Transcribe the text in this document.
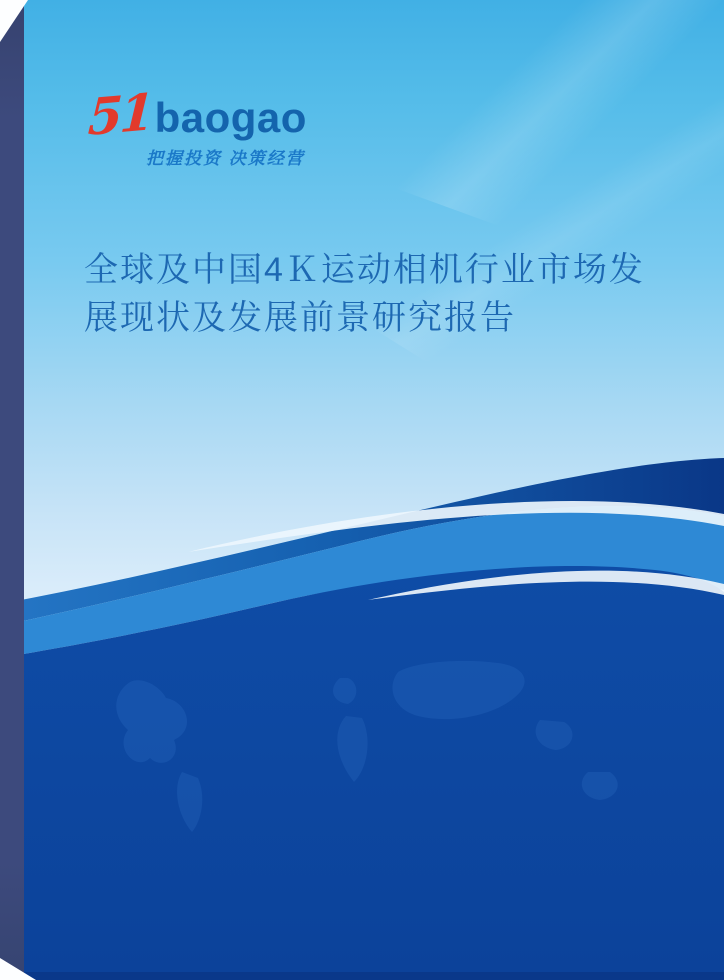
51 baogao
把握投资 决策经营
全球及中国4Ｋ运动相机行业市场发
展现状及发展前景研究报告
